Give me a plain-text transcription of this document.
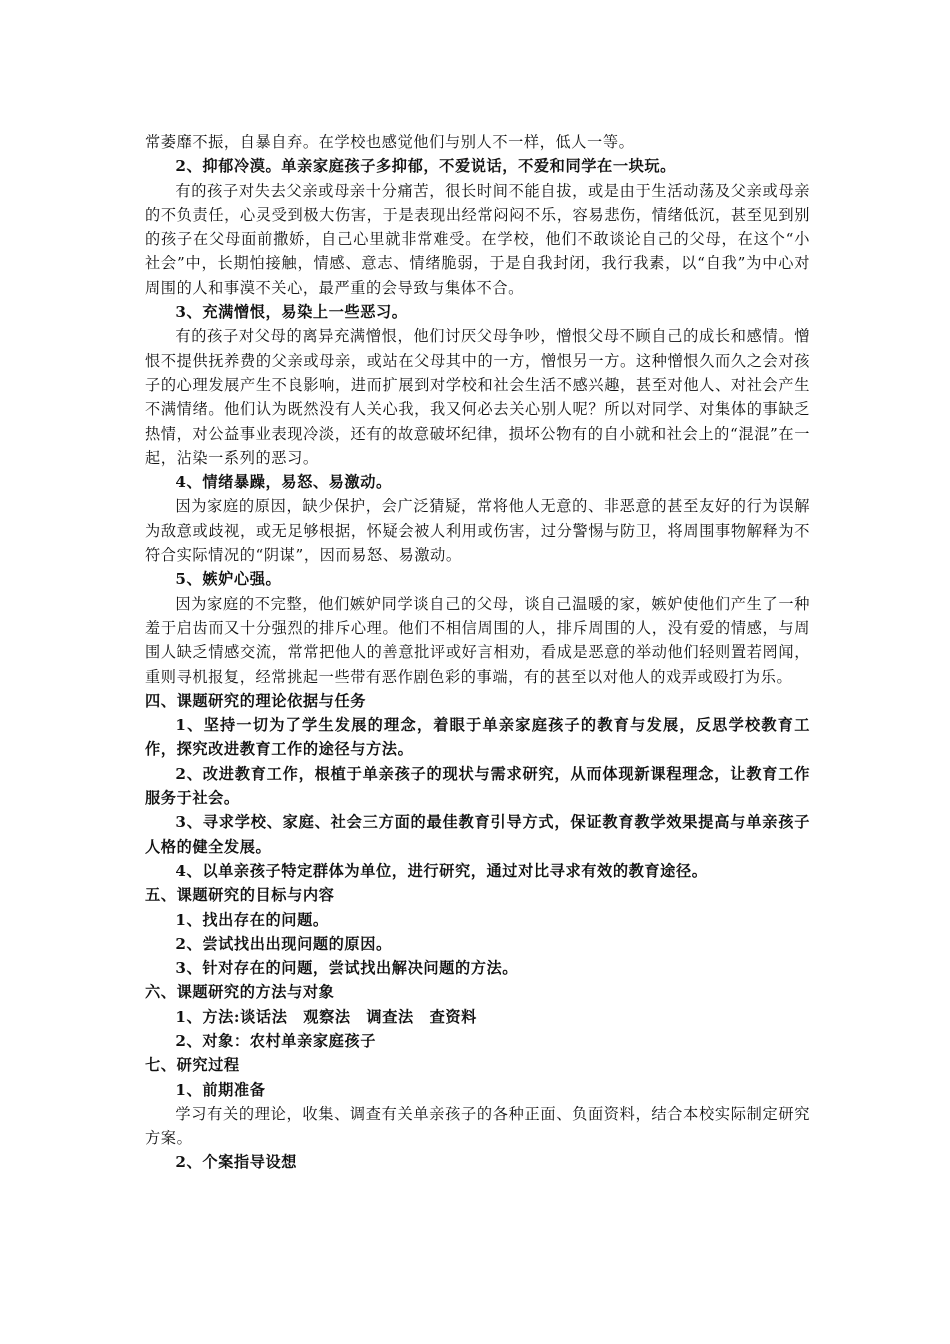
常萎靡不振，自暴自弃。在学校也感觉他们与别人不一样，低人一等。

2、抑郁冷漠。单亲家庭孩子多抑郁，不爱说话，不爱和同学在一块玩。

有的孩子对失去父亲或母亲十分痛苦，很长时间不能自拔，或是由于生活动荡及父亲或母亲的不负责任，心灵受到极大伤害，于是表现出经常闷闷不乐，容易悲伤，情绪低沉，甚至见到别的孩子在父母面前撒娇，自己心里就非常难受。在学校，他们不敢谈论自己的父母，在这个“小社会”中，长期怕接触，情感、意志、情绪脆弱，于是自我封闭，我行我素，以“自我”为中心对周围的人和事漠不关心，最严重的会导致与集体不合。

3、充满憎恨，易染上一些恶习。

有的孩子对父母的离异充满憎恨，他们讨厌父母争吵，憎恨父母不顾自己的成长和感情。憎恨不提供抚养费的父亲或母亲，或站在父母其中的一方，憎恨另一方。这种憎恨久而久之会对孩子的心理发展产生不良影响，进而扩展到对学校和社会生活不感兴趣，甚至对他人、对社会产生不满情绪。他们认为既然没有人关心我，我又何必去关心别人呢？所以对同学、对集体的事缺乏热情，对公益事业表现冷淡，还有的故意破坏纪律，损坏公物有的自小就和社会上的“混混”在一起，沾染一系列的恶习。

4、情绪暴躁，易怒、易激动。

因为家庭的原因，缺少保护，会广泛猜疑，常将他人无意的、非恶意的甚至友好的行为误解为敌意或歧视，或无足够根据，怀疑会被人利用或伤害，过分警惕与防卫，将周围事物解释为不符合实际情况的“阴谋”，因而易怒、易激动。

5、嫉妒心强。

因为家庭的不完整，他们嫉妒同学谈自己的父母，谈自己温暖的家，嫉妒使他们产生了一种羞于启齿而又十分强烈的排斥心理。他们不相信周围的人，排斥周围的人，没有爱的情感，与周围人缺乏情感交流，常常把他人的善意批评或好言相劝，看成是恶意的举动他们轻则置若罔闻，重则寻机报复，经常挑起一些带有恶作剧色彩的事端，有的甚至以对他人的戏弄或殴打为乐。

四、课题研究的理论依据与任务

1、坚持一切为了学生发展的理念，着眼于单亲家庭孩子的教育与发展，反思学校教育工作，探究改进教育工作的途径与方法。

2、改进教育工作，根植于单亲孩子的现状与需求研究，从而体现新课程理念，让教育工作服务于社会。

3、寻求学校、家庭、社会三方面的最佳教育引导方式，保证教育教学效果提高与单亲孩子人格的健全发展。

4、以单亲孩子特定群体为单位，进行研究，通过对比寻求有效的教育途径。

五、课题研究的目标与内容

1、找出存在的问题。

2、尝试找出出现问题的原因。

3、针对存在的问题，尝试找出解决问题的方法。

六、课题研究的方法与对象

1、方法:谈话法　观察法　调查法　查资料

2、对象：农村单亲家庭孩子

七、研究过程

1、前期准备

学习有关的理论，收集、调查有关单亲孩子的各种正面、负面资料，结合本校实际制定研究方案。

2、个案指导设想
